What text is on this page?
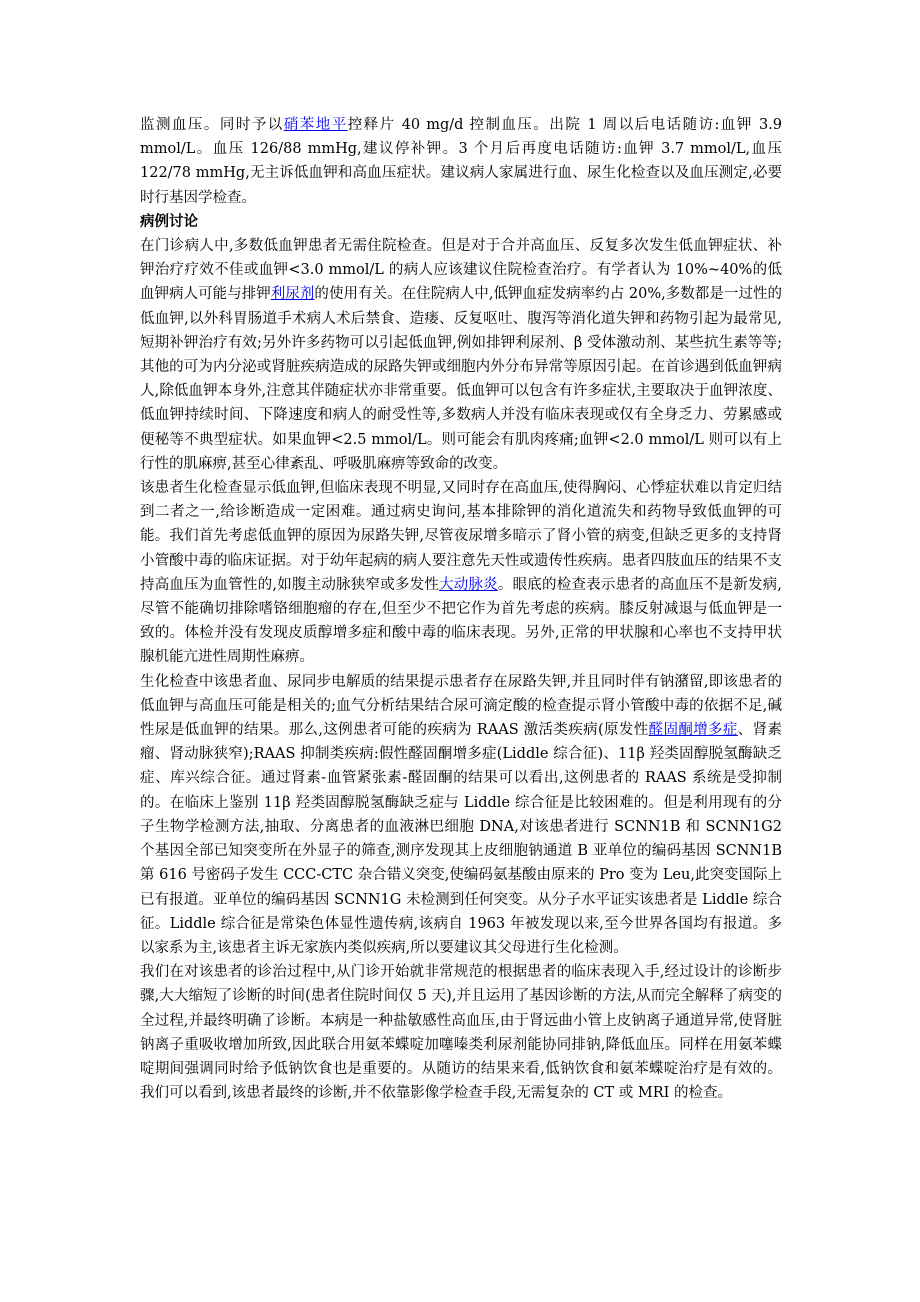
监测血压。同时予以硝苯地平控释片 40 mg/d 控制血压。出院 1 周以后电话随访:血钾 3.9 mmol/L。血压 126/88 mmHg,建议停补钾。3 个月后再度电话随访:血钾 3.7 mmol/L,血压 122/78 mmHg,无主诉低血钾和高血压症状。建议病人家属进行血、尿生化检查以及血压测定,必要时行基因学检查。

病例讨论

在门诊病人中,多数低血钾患者无需住院检查。但是对于合并高血压、反复多次发生低血钾症状、补钾治疗疗效不佳或血钾<3.0 mmol/L 的病人应该建议住院检查治疗。有学者认为 10%~40%的低血钾病人可能与排钾利尿剂的使用有关。在住院病人中,低钾血症发病率约占 20%,多数都是一过性的低血钾,以外科胃肠道手术病人术后禁食、造瘘、反复呕吐、腹泻等消化道失钾和药物引起为最常见,短期补钾治疗有效;另外许多药物可以引起低血钾,例如排钾利尿剂、β 受体激动剂、某些抗生素等等;其他的可为内分泌或肾脏疾病造成的尿路失钾或细胞内外分布异常等原因引起。在首诊遇到低血钾病人,除低血钾本身外,注意其伴随症状亦非常重要。低血钾可以包含有许多症状,主要取决于血钾浓度、低血钾持续时间、下降速度和病人的耐受性等,多数病人并没有临床表现或仅有全身乏力、劳累感或便秘等不典型症状。如果血钾<2.5 mmol/L。则可能会有肌肉疼痛;血钾<2.0 mmol/L 则可以有上行性的肌麻痹,甚至心律紊乱、呼吸肌麻痹等致命的改变。

该患者生化检查显示低血钾,但临床表现不明显,又同时存在高血压,使得胸闷、心悸症状难以肯定归结到二者之一,给诊断造成一定困难。通过病史询问,基本排除钾的消化道流失和药物导致低血钾的可能。我们首先考虑低血钾的原因为尿路失钾,尽管夜尿增多暗示了肾小管的病变,但缺乏更多的支持肾小管酸中毒的临床证据。对于幼年起病的病人要注意先天性或遗传性疾病。患者四肢血压的结果不支持高血压为血管性的,如腹主动脉狭窄或多发性大动脉炎。眼底的检查表示患者的高血压不是新发病,尽管不能确切排除嗜铬细胞瘤的存在,但至少不把它作为首先考虑的疾病。膝反射减退与低血钾是一致的。体检并没有发现皮质醇增多症和酸中毒的临床表现。另外,正常的甲状腺和心率也不支持甲状腺机能亢进性周期性麻痹。

生化检查中该患者血、尿同步电解质的结果提示患者存在尿路失钾,并且同时伴有钠潴留,即该患者的低血钾与高血压可能是相关的;血气分析结果结合尿可滴定酸的检查提示肾小管酸中毒的依据不足,碱性尿是低血钾的结果。那么,这例患者可能的疾病为 RAAS 激活类疾病(原发性醛固酮增多症、肾素瘤、肾动脉狭窄);RAAS 抑制类疾病:假性醛固酮增多症(Liddle 综合征)、11β 羟类固醇脱氢酶缺乏症、库兴综合征。通过肾素-血管紧张素-醛固酮的结果可以看出,这例患者的 RAAS 系统是受抑制的。在临床上鉴别 11β 羟类固醇脱氢酶缺乏症与 Liddle 综合征是比较困难的。但是利用现有的分子生物学检测方法,抽取、分离患者的血液淋巴细胞 DNA,对该患者进行 SCNN1B 和 SCNN1G2 个基因全部已知突变所在外显子的筛查,测序发现其上皮细胞钠通道 B 亚单位的编码基因 SCNN1B 第 616 号密码子发生 CCC-CTC 杂合错义突变,使编码氨基酸由原来的 Pro 变为 Leu,此突变国际上已有报道。亚单位的编码基因 SCNN1G 未检测到任何突变。从分子水平证实该患者是 Liddle 综合征。Liddle 综合征是常染色体显性遗传病,该病自 1963 年被发现以来,至今世界各国均有报道。多以家系为主,该患者主诉无家族内类似疾病,所以要建议其父母进行生化检测。

我们在对该患者的诊治过程中,从门诊开始就非常规范的根据患者的临床表现入手,经过设计的诊断步骤,大大缩短了诊断的时间(患者住院时间仅 5 天),并且运用了基因诊断的方法,从而完全解释了病变的全过程,并最终明确了诊断。本病是一种盐敏感性高血压,由于肾远曲小管上皮钠离子通道异常,使肾脏钠离子重吸收增加所致,因此联合用氨苯蝶啶加噻嗪类利尿剂能协同排钠,降低血压。同样在用氨苯蝶啶期间强调同时给予低钠饮食也是重要的。从随访的结果来看,低钠饮食和氨苯蝶啶治疗是有效的。我们可以看到,该患者最终的诊断,并不依靠影像学检查手段,无需复杂的 CT 或 MRI 的检查。
